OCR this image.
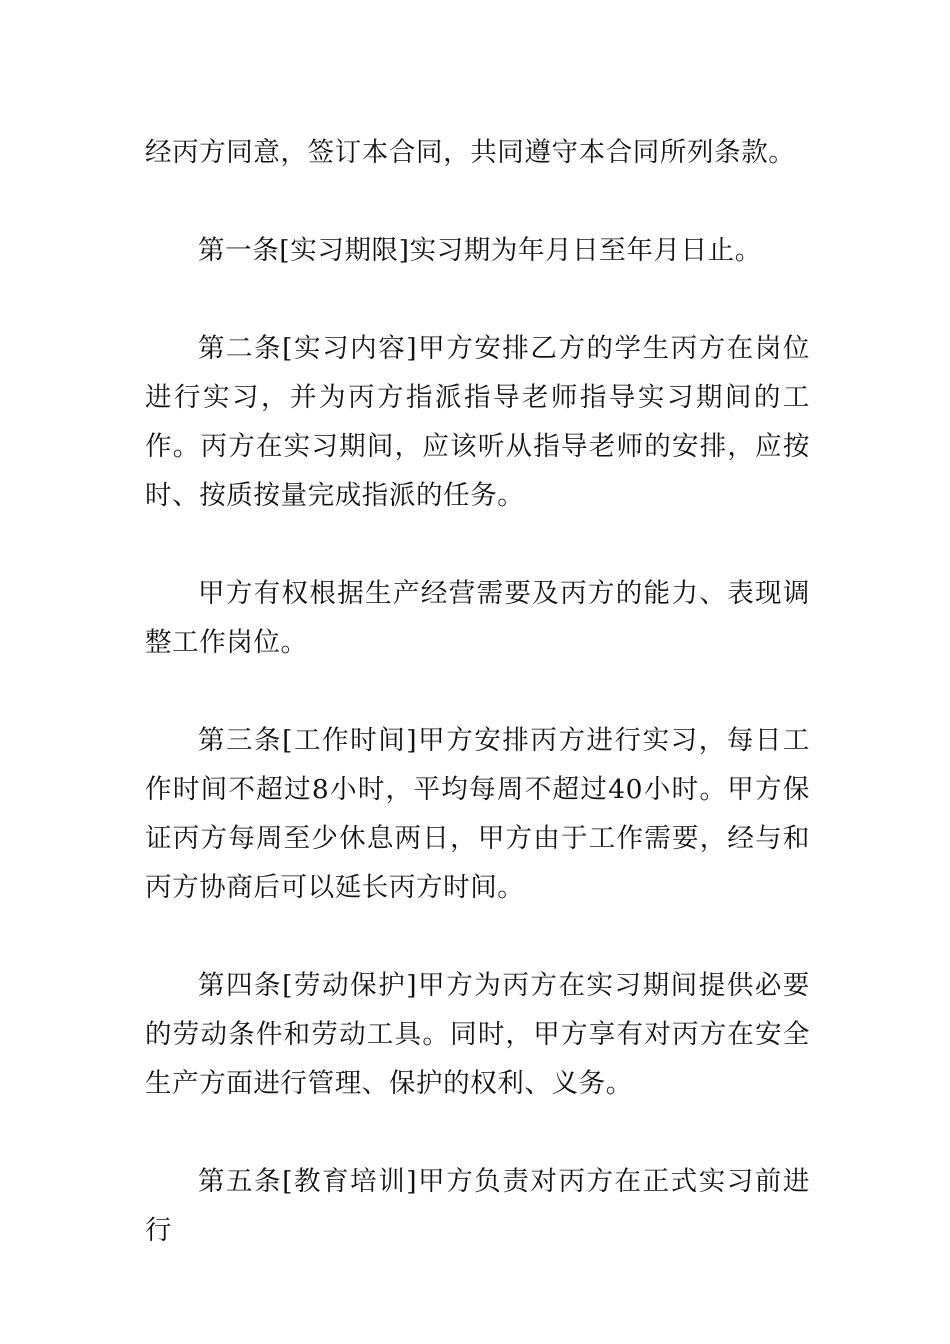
经丙方同意，签订本合同，共同遵守本合同所列条款。

第一条[实习期限]实习期为年月日至年月日止。

第二条[实习内容]甲方安排乙方的学生丙方在岗位进行实习，并为丙方指派指导老师指导实习期间的工作。丙方在实习期间，应该听从指导老师的安排，应按时、按质按量完成指派的任务。

甲方有权根据生产经营需要及丙方的能力、表现调整工作岗位。

第三条[工作时间]甲方安排丙方进行实习，每日工作时间不超过8小时，平均每周不超过40小时。甲方保证丙方每周至少休息两日，甲方由于工作需要，经与和丙方协商后可以延长丙方时间。

第四条[劳动保护]甲方为丙方在实习期间提供必要的劳动条件和劳动工具。同时，甲方享有对丙方在安全生产方面进行管理、保护的权利、义务。

第五条[教育培训]甲方负责对丙方在正式实习前进行
